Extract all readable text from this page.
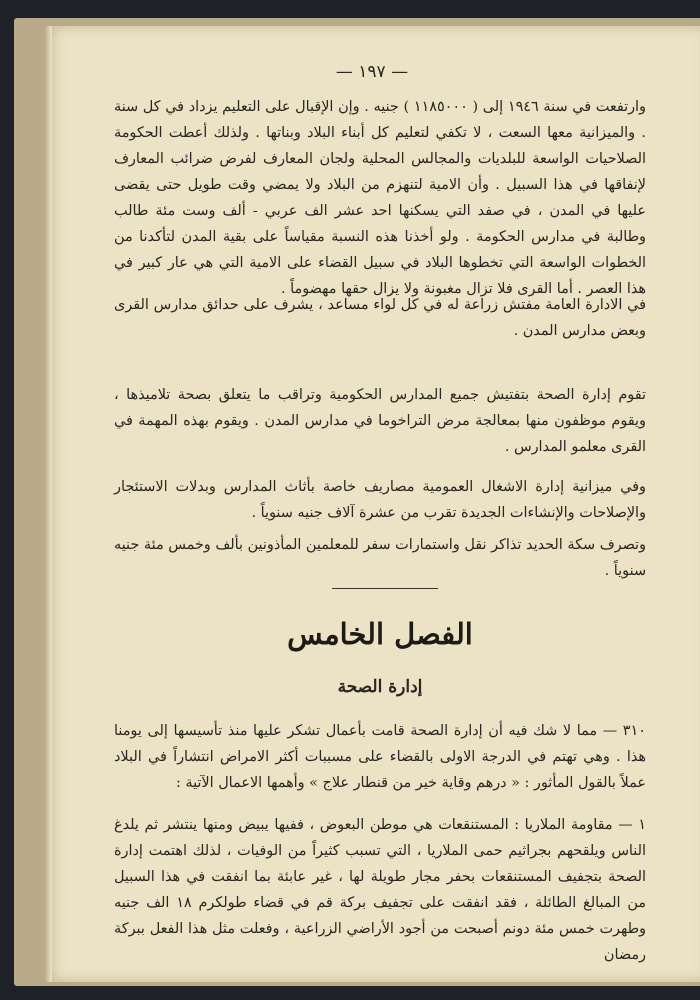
— ١٩٧ —

وارتفعت في سنة ١٩٤٦ إلى ( ١١٨٥٠٠٠ ) جنيه . وإن الإقبال على التعليم يزداد في كل سنة . والميزانية معها السعت ، لا تكفي لتعليم كل أبناء البلاد وبناتها . ولذلك أعطت الحكومة الصلاحيات الواسعة للبلديات والمجالس المحلية ولجان المعارف لفرض ضرائب المعارف لإنفاقها في هذا السبيل . وأن الامية لتنهزم من البلاد ولا يمضي وقت طويل حتى يقضى عليها في المدن ، في صفد التي يسكنها احد عشر الف عربي - ألف وست مئة طالب وطالبة في مدارس الحكومة . ولو أخذنا هذه النسبة مقياساً على بقية المدن لتأكدنا من الخطوات الواسعة التي تخطوها البلاد في سبيل القضاء على الامية التي هي عار كبير في هذا العصر . أما القرى فلا تزال مغبونة ولا يزال حقها مهضوماً .

في الادارة العامة مفتش زراعة له في كل لواء مساعد ، يشرف على حدائق مدارس القرى وبعض مدارس المدن .

تقوم إدارة الصحة بتفتيش جميع المدارس الحكومية وتراقب ما يتعلق بصحة تلاميذها ، ويقوم موظفون منها بمعالجة مرض التراخوما في مدارس المدن . ويقوم بهذه المهمة في القرى معلمو المدارس .

وفي ميزانية إدارة الاشغال العمومية مصاريف خاصة بأثاث المدارس وبدلات الاستئجار والإصلاحات والإنشاءات الجديدة تقرب من عشرة آلاف جنيه سنوياً .

وتصرف سكة الحديد تذاكر نقل واستمارات سفر للمعلمين المأذونين بألف وخمس مئة جنيه سنوياً .

الفصل الخامس
إدارة الصحة

٣١٠ — مما لا شك فيه أن إدارة الصحة قامت بأعمال تشكر عليها منذ تأسيسها إلى يومنا هذا . وهي تهتم في الدرجة الاولى بالقضاء على مسببات أكثر الامراض انتشاراً في البلاد عملاً بالقول المأثور : « درهم وقاية خير من قنطار علاج » وأهمها الاعمال الآتية :

١ — مقاومة الملاريا : المستنقعات هي موطن البعوض ، ففيها يبيض ومنها ينتشر ثم يلدغ الناس ويلقحهم بجراثيم حمى الملاريا ، التي تسبب كثيراً من الوفيات ، لذلك اهتمت إدارة الصحة بتجفيف المستنقعات بحفر مجار طويلة لها ، غير عابئة بما انفقت في هذا السبيل من المبالغ الطائلة ، فقد انفقت على تجفيف بركة قم في قضاء طولكرم ١٨ الف جنيه وطهرت خمس مئة دونم أصبحت من أجود الأراضي الزراعية ، وفعلت مثل هذا الفعل ببركة رمضان
